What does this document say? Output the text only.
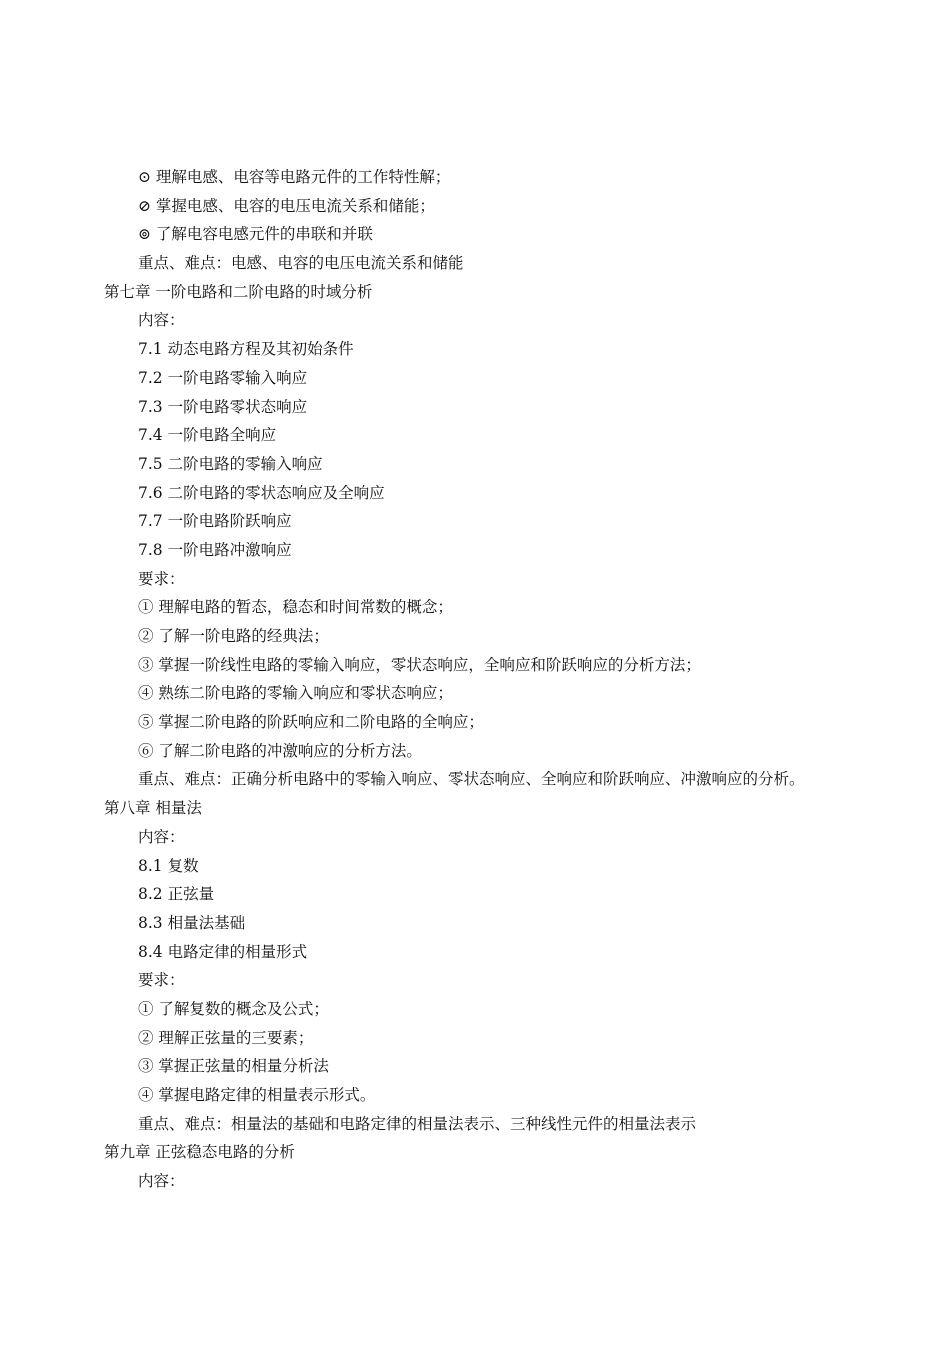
⊙ 理解电感、电容等电路元件的工作特性解；
⊘ 掌握电感、电容的电压电流关系和储能；
⊚ 了解电容电感元件的串联和并联
重点、难点：电感、电容的电压电流关系和储能
第七章 一阶电路和二阶电路的时域分析
内容：
7.1 动态电路方程及其初始条件
7.2 一阶电路零输入响应
7.3 一阶电路零状态响应
7.4 一阶电路全响应
7.5 二阶电路的零输入响应
7.6 二阶电路的零状态响应及全响应
7.7 一阶电路阶跃响应
7.8 一阶电路冲激响应
要求：
① 理解电路的暂态，稳态和时间常数的概念；
② 了解一阶电路的经典法；
③ 掌握一阶线性电路的零输入响应，零状态响应，全响应和阶跃响应的分析方法；
④ 熟练二阶电路的零输入响应和零状态响应；
⑤ 掌握二阶电路的阶跃响应和二阶电路的全响应；
⑥ 了解二阶电路的冲激响应的分析方法。
重点、难点：正确分析电路中的零输入响应、零状态响应、全响应和阶跃响应、冲激响应的分析。
第八章 相量法
内容：
8.1 复数
8.2 正弦量
8.3 相量法基础
8.4 电路定律的相量形式
要求：
① 了解复数的概念及公式；
② 理解正弦量的三要素；
③ 掌握正弦量的相量分析法
④ 掌握电路定律的相量表示形式。
重点、难点：相量法的基础和电路定律的相量法表示、三种线性元件的相量法表示
第九章 正弦稳态电路的分析
内容：
